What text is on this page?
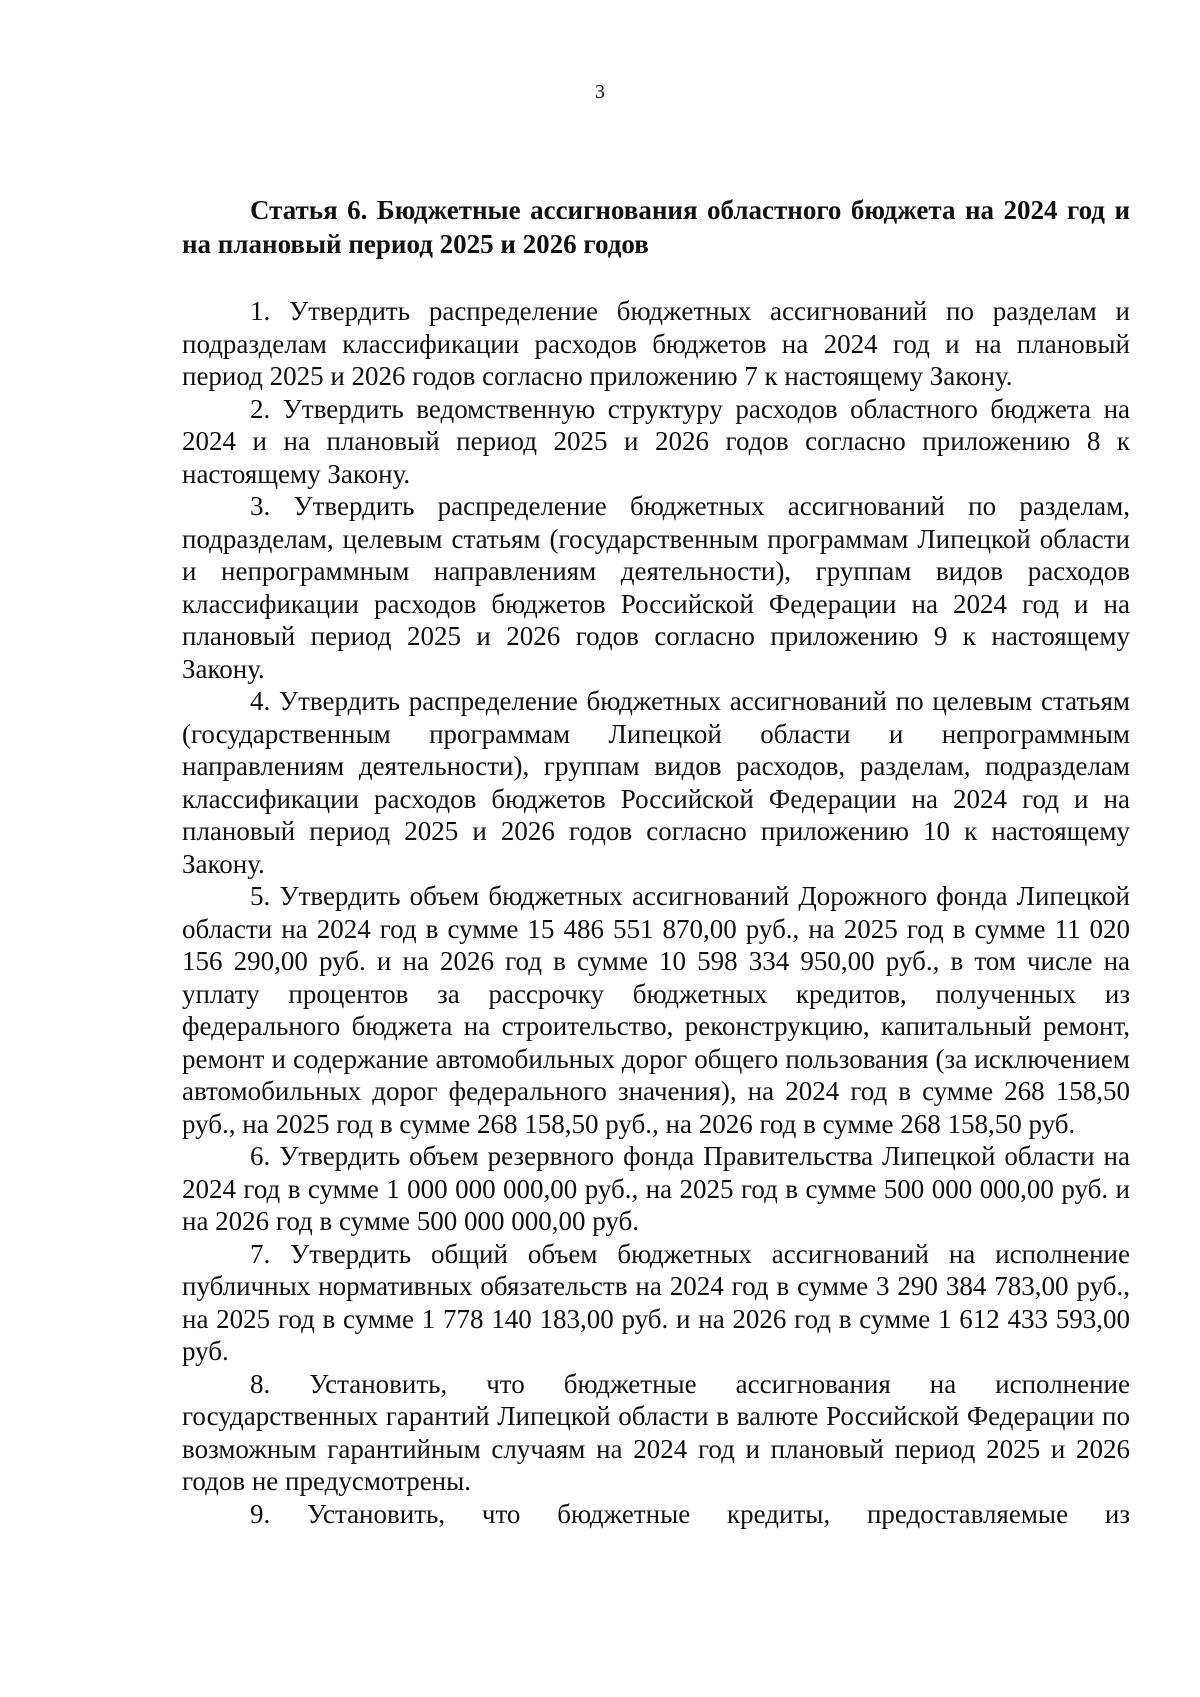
3
Статья 6. Бюджетные ассигнования областного бюджета на 2024 год и на плановый период 2025 и 2026 годов

1. Утвердить распределение бюджетных ассигнований по разделам и подразделам классификации расходов бюджетов на 2024 год и на плановый период 2025 и 2026 годов согласно приложению 7 к настоящему Закону.

2. Утвердить ведомственную структуру расходов областного бюджета на 2024 и на плановый период 2025 и 2026 годов согласно приложению 8 к настоящему Закону.

3. Утвердить распределение бюджетных ассигнований по разделам, подразделам, целевым статьям (государственным программам Липецкой области и непрограммным направлениям деятельности), группам видов расходов классификации расходов бюджетов Российской Федерации на 2024 год и на плановый период 2025 и 2026 годов согласно приложению 9 к настоящему Закону.

4. Утвердить распределение бюджетных ассигнований по целевым статьям (государственным программам Липецкой области и непрограммным направлениям деятельности), группам видов расходов, разделам, подразделам классификации расходов бюджетов Российской Федерации на 2024 год и на плановый период 2025 и 2026 годов согласно приложению 10 к настоящему Закону.

5. Утвердить объем бюджетных ассигнований Дорожного фонда Липецкой области на 2024 год в сумме 15 486 551 870,00 руб., на 2025 год в сумме 11 020 156 290,00 руб. и на 2026 год в сумме 10 598 334 950,00 руб., в том числе на уплату процентов за рассрочку бюджетных кредитов, полученных из федерального бюджета на строительство, реконструкцию, капитальный ремонт, ремонт и содержание автомобильных дорог общего пользования (за исключением автомобильных дорог федерального значения), на 2024 год в сумме 268 158,50 руб., на 2025 год в сумме 268 158,50 руб., на 2026 год в сумме 268 158,50 руб.

6. Утвердить объем резервного фонда Правительства Липецкой области на 2024 год в сумме 1 000 000 000,00 руб., на 2025 год в сумме 500 000 000,00 руб. и на 2026 год в сумме 500 000 000,00 руб.

7. Утвердить общий объем бюджетных ассигнований на исполнение публичных нормативных обязательств на 2024 год в сумме 3 290 384 783,00 руб., на 2025 год в сумме 1 778 140 183,00 руб. и на 2026 год в сумме 1 612 433 593,00 руб.

8. Установить, что бюджетные ассигнования на исполнение государственных гарантий Липецкой области в валюте Российской Федерации по возможным гарантийным случаям на 2024 год и плановый период 2025 и 2026 годов не предусмотрены.

9. Установить, что бюджетные кредиты, предоставляемые из
